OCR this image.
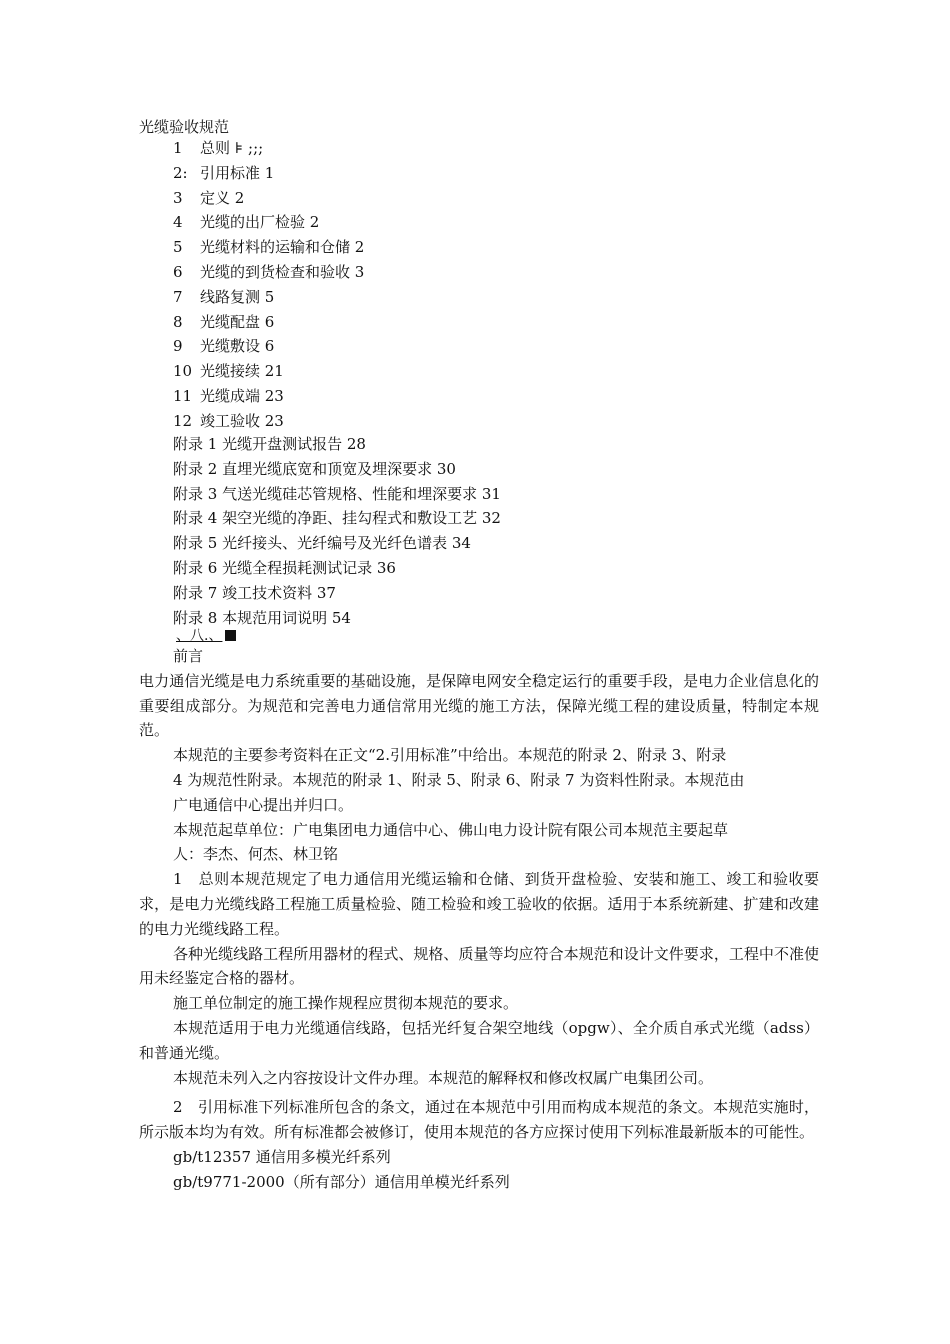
光缆验收规范
1 总则 ⊧ ;;;
2: 引用标准 1
3 定义 2
4 光缆的出厂检验 2
5 光缆材料的运输和仓储 2
6 光缆的到货检查和验收 3
7 线路复测 5
8 光缆配盘 6
9 光缆敷设 6
10 光缆接续 21
11 光缆成端 23
12 竣工验收 23
附录 1 光缆开盘测试报告 28
附录 2 直埋光缆底宽和顶宽及埋深要求 30
附录 3 气送光缆硅芯管规格、性能和埋深要求 31
附录 4 架空光缆的净距、挂勾程式和敷设工艺 32
附录 5 光纤接头、光纤编号及光纤色谱表 34
附录 6 光缆全程损耗测试记录 36
附录 7 竣工技术资料 37
附录 8 本规范用词说明 54
、八.、

前言

电力通信光缆是电力系统重要的基础设施，是保障电网安全稳定运行的重要手段，是电力企业信息化的重要组成部分。为规范和完善电力通信常用光缆的施工方法，保障光缆工程的建设质量，特制定本规范。

本规范的主要参考资料在正文“2.引用标准”中给出。本规范的附录 2、附录 3、附录

4 为规范性附录。本规范的附录 1、附录 5、附录 6、附录 7 为资料性附录。本规范由

广电通信中心提出并归口。

本规范起草单位：广电集团电力通信中心、佛山电力设计院有限公司本规范主要起草

人：李杰、何杰、林卫铭

1　总则本规范规定了电力通信用光缆运输和仓储、到货开盘检验、安装和施工、竣工和验收要求，是电力光缆线路工程施工质量检验、随工检验和竣工验收的依据。适用于本系统新建、扩建和改建的电力光缆线路工程。

各种光缆线路工程所用器材的程式、规格、质量等均应符合本规范和设计文件要求，工程中不准使用未经鉴定合格的器材。

施工单位制定的施工操作规程应贯彻本规范的要求。

本规范适用于电力光缆通信线路，包括光纤复合架空地线（opgw）、全介质自承式光缆（adss）和普通光缆。

本规范未列入之内容按设计文件办理。本规范的解释权和修改权属广电集团公司。

2　引用标准下列标准所包含的条文，通过在本规范中引用而构成本规范的条文。本规范实施时，所示版本均为有效。所有标准都会被修订，使用本规范的各方应探讨使用下列标准最新版本的可能性。

gb/t12357 通信用多模光纤系列

gb/t9771-2000（所有部分）通信用单模光纤系列
